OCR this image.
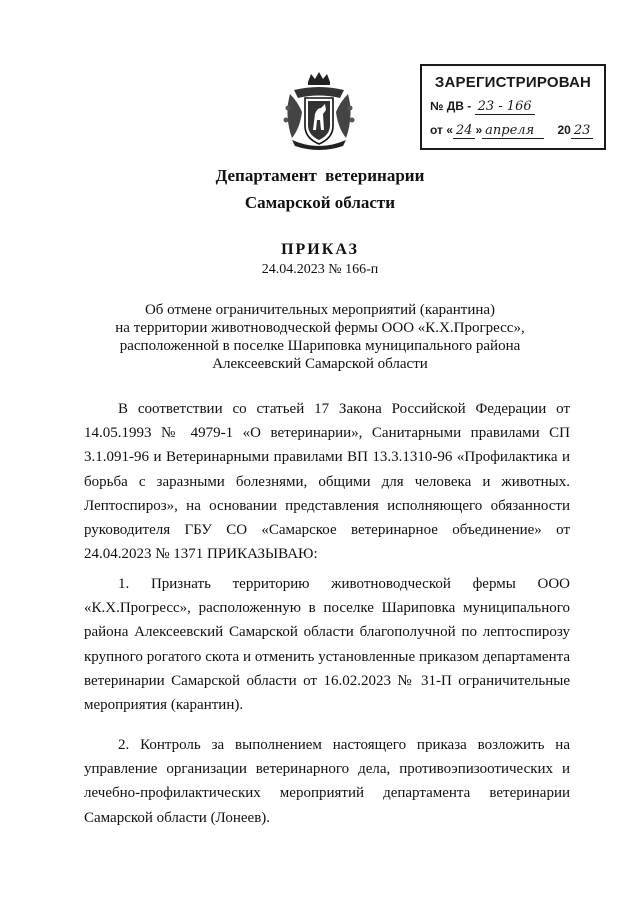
ЗАРЕГИСТРИРОВАН
№ ДВ - 23 - 166
от « 24 » апреля 20 23
Департамент ветеринарии
Самарской области
ПРИКАЗ
24.04.2023 № 166-п
Об отмене ограничительных мероприятий (карантина)
на территории животноводческой фермы ООО «К.Х.Прогресс»,
расположенной в поселке Шариповка муниципального района
Алексеевский Самарской области

В соответствии со статьей 17 Закона Российской Федерации от 14.05.1993 № 4979-1 «О ветеринарии», Санитарными правилами СП 3.1.091-96 и Ветеринарными правилами ВП 13.3.1310-96 «Профилактика и борьба с заразными болезнями, общими для человека и животных. Лептоспироз», на основании представления исполняющего обязанности руководителя ГБУ СО «Самарское ветеринарное объединение» от 24.04.2023 № 1371 ПРИКАЗЫВАЮ:

1. Признать территорию животноводческой фермы ООО «К.Х.Прогресс», расположенную в поселке Шариповка муниципального района Алексеевский Самарской области благополучной по лептоспирозу крупного рогатого скота и отменить установленные приказом департамента ветеринарии Самарской области от 16.02.2023 № 31-П ограничительные мероприятия (карантин).

2. Контроль за выполнением настоящего приказа возложить на управление организации ветеринарного дела, противоэпизоотических и лечебно-профилактических мероприятий департамента ветеринарии Самарской области (Лонеев).
